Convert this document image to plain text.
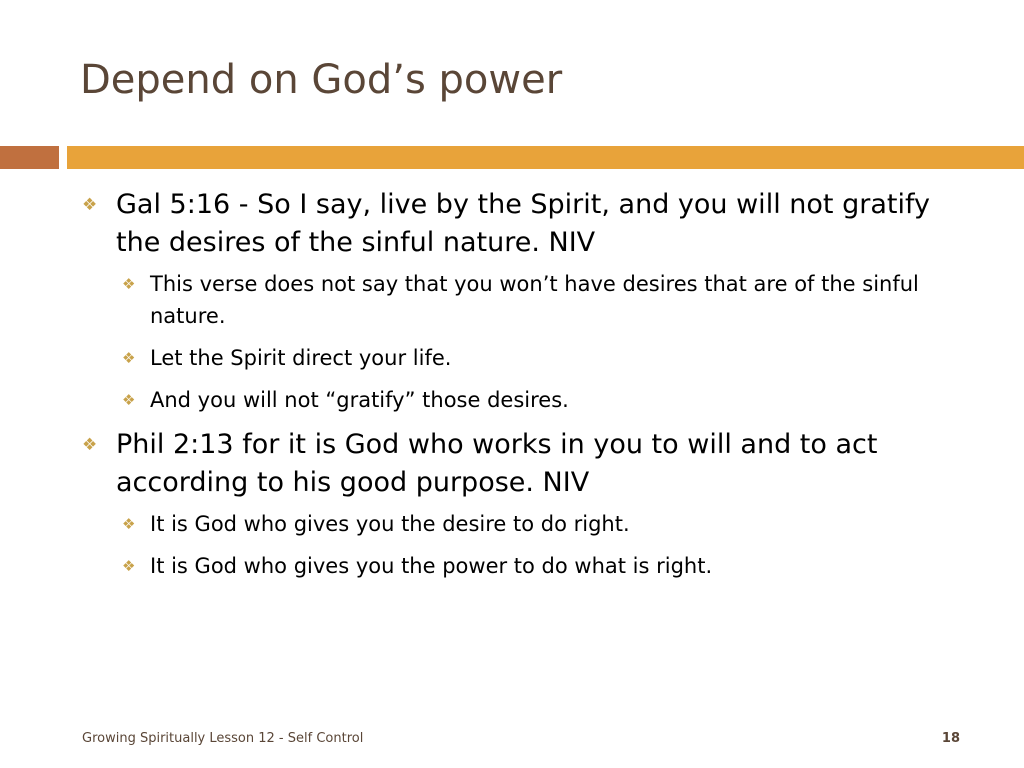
Depend on God’s power
❖ Gal 5:16 - So I say, live by the Spirit, and you will not gratify the desires of the sinful nature. NIV
❖ This verse does not say that you won’t have desires that are of the sinful nature.
❖ Let the Spirit direct your life.
❖ And you will not “gratify” those desires.
❖ Phil 2:13 for it is God who works in you to will and to act according to his good purpose. NIV
❖ It is God who gives you the desire to do right.
❖ It is God who gives you the power to do what is right.
Growing Spiritually Lesson 12 - Self Control	18
